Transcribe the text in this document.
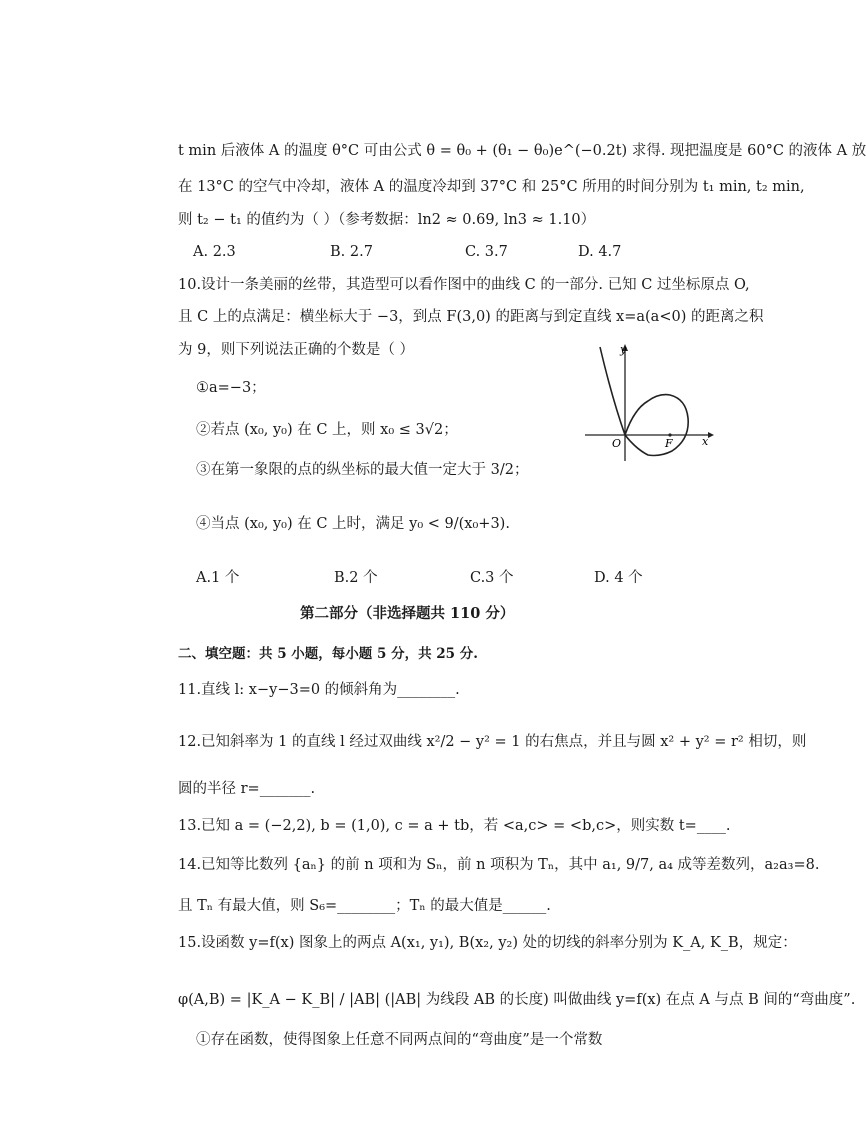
t min 后液体 A 的温度 θ°C 可由公式 θ = θ₀ + (θ₁ − θ₀)e^(−0.2t) 求得. 现把温度是 60°C 的液体 A 放
在 13°C 的空气中冷却，液体 A 的温度冷却到 37°C 和 25°C 所用的时间分别为 t₁ min, t₂ min,
则 t₂ − t₁ 的值约为（ ）（参考数据：ln2 ≈ 0.69, ln3 ≈ 1.10）
A. 2.3	B. 2.7	C. 3.7	D. 4.7
10.设计一条美丽的丝带，其造型可以看作图中的曲线 C 的一部分. 已知 C 过坐标原点 O,
且 C 上的点满足：横坐标大于 −3，到点 F(3,0) 的距离与到定直线 x=a(a<0) 的距离之积
为 9，则下列说法正确的个数是（ ）
①a=−3；
②若点 (x₀, y₀) 在 C 上，则 x₀ ≤ 3√2；
③在第一象限的点的纵坐标的最大值一定大于 3/2；
④当点 (x₀, y₀) 在 C 上时，满足 y₀ < 9/(x₀+3).
y
x
O	F
A.1 个	B.2 个	C.3 个	D. 4 个
第二部分（非选择题共 110 分）
二、填空题：共 5 小题，每小题 5 分，共 25 分.
11.直线 l: x−y−3=0 的倾斜角为________.
12.已知斜率为 1 的直线 l 经过双曲线 x²/2 − y² = 1 的右焦点，并且与圆 x² + y² = r² 相切，则
圆的半径 r=_______.
13.已知 a = (−2,2), b = (1,0), c = a + tb，若 <a,c> = <b,c>，则实数 t=____.
14.已知等比数列 {aₙ} 的前 n 项和为 Sₙ，前 n 项积为 Tₙ，其中 a₁, 9/7, a₄ 成等差数列，a₂a₃=8.
且 Tₙ 有最大值，则 S₆=________；Tₙ 的最大值是______.
15.设函数 y=f(x) 图象上的两点 A(x₁, y₁), B(x₂, y₂) 处的切线的斜率分别为 K_A, K_B，规定：
φ(A,B) = |K_A − K_B| / |AB| (|AB| 为线段 AB 的长度) 叫做曲线 y=f(x) 在点 A 与点 B 间的“弯曲度”.
①存在函数，使得图象上任意不同两点间的“弯曲度”是一个常数
